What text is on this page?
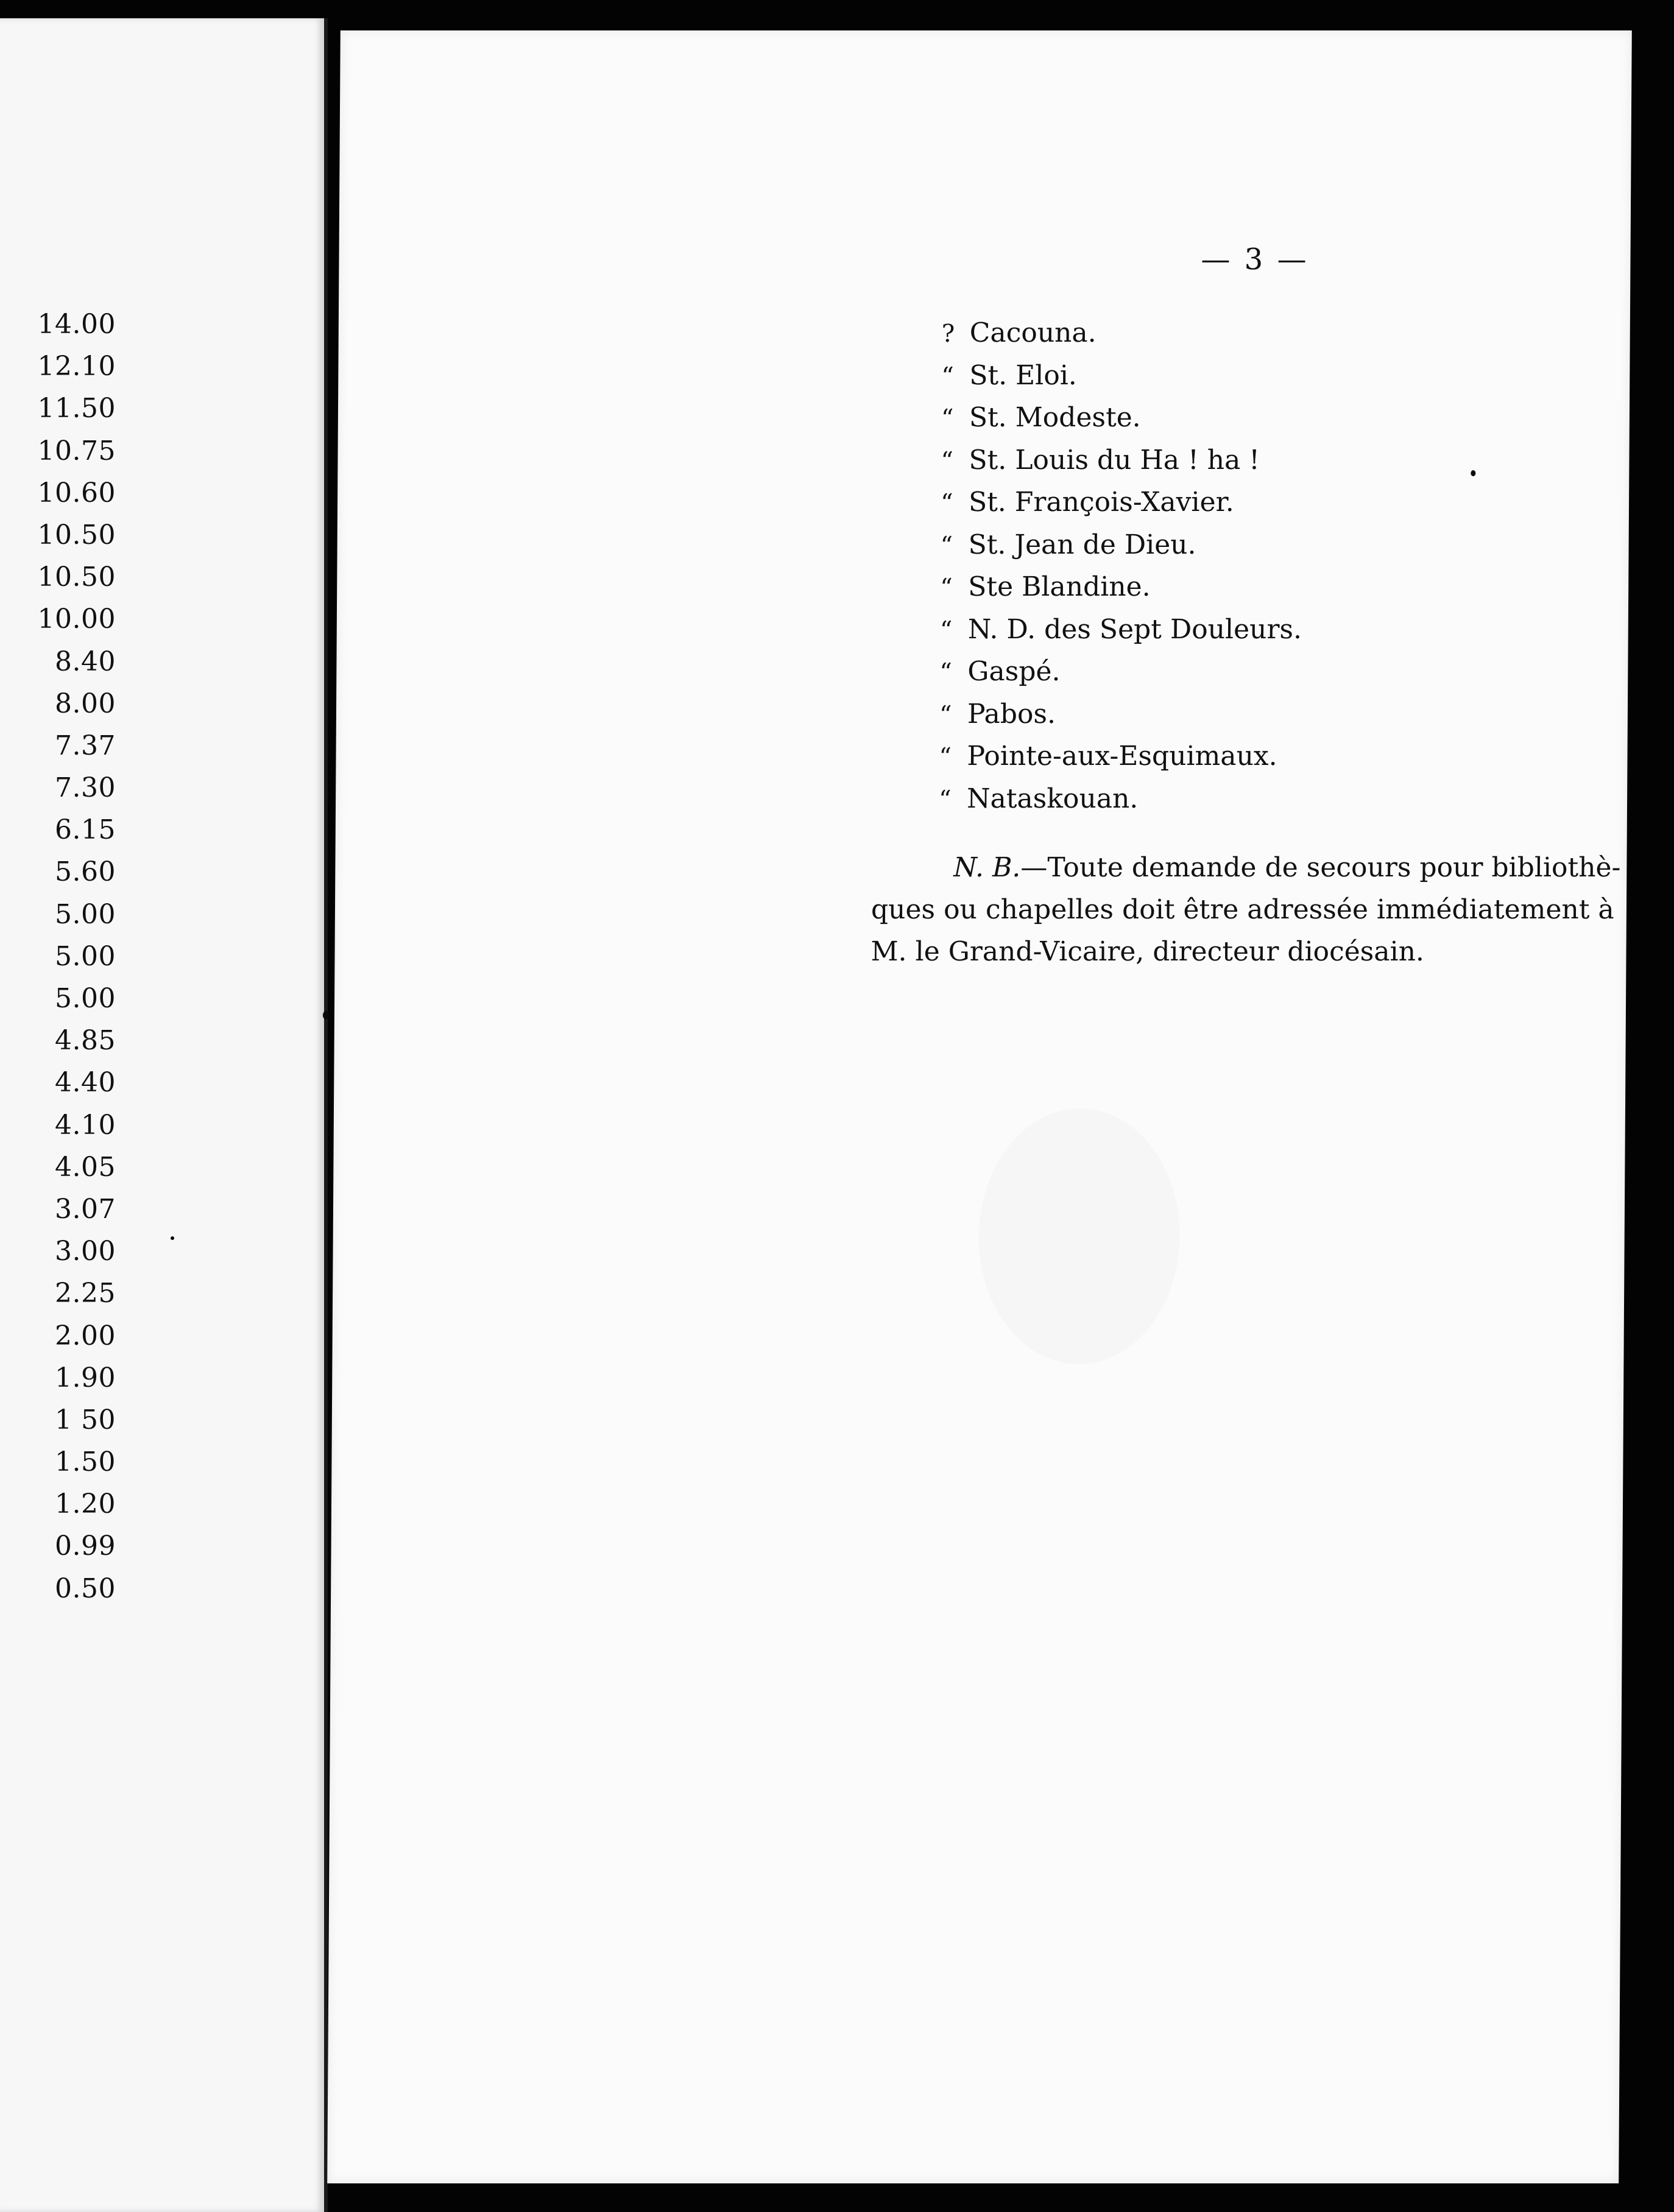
14.00
12.10
11.50
10.75
10.60
10.50
10.50
10.00
8.40
8.00
7.37
7.30
6.15
5.60
5.00
5.00
5.00
4.85
4.40
4.10
4.05
3.07
3.00
2.25
2.00
1.90
1 50
1.50
1.20
0.99
0.50
— 3 —
? Cacouna.
“ St. Eloi.
“ St. Modeste.
“ St. Louis du Ha ! ha !
“ St. François-Xavier.
“ St. Jean de Dieu.
“ Ste Blandine.
“ N. D. des Sept Douleurs.
“ Gaspé.
“ Pabos.
“ Pointe-aux-Esquimaux.
“ Nataskouan.

N. B.—Toute demande de secours pour bibliothè-
ques ou chapelles doit être adressée immédiatement à
M. le Grand-Vicaire, directeur diocésain.
